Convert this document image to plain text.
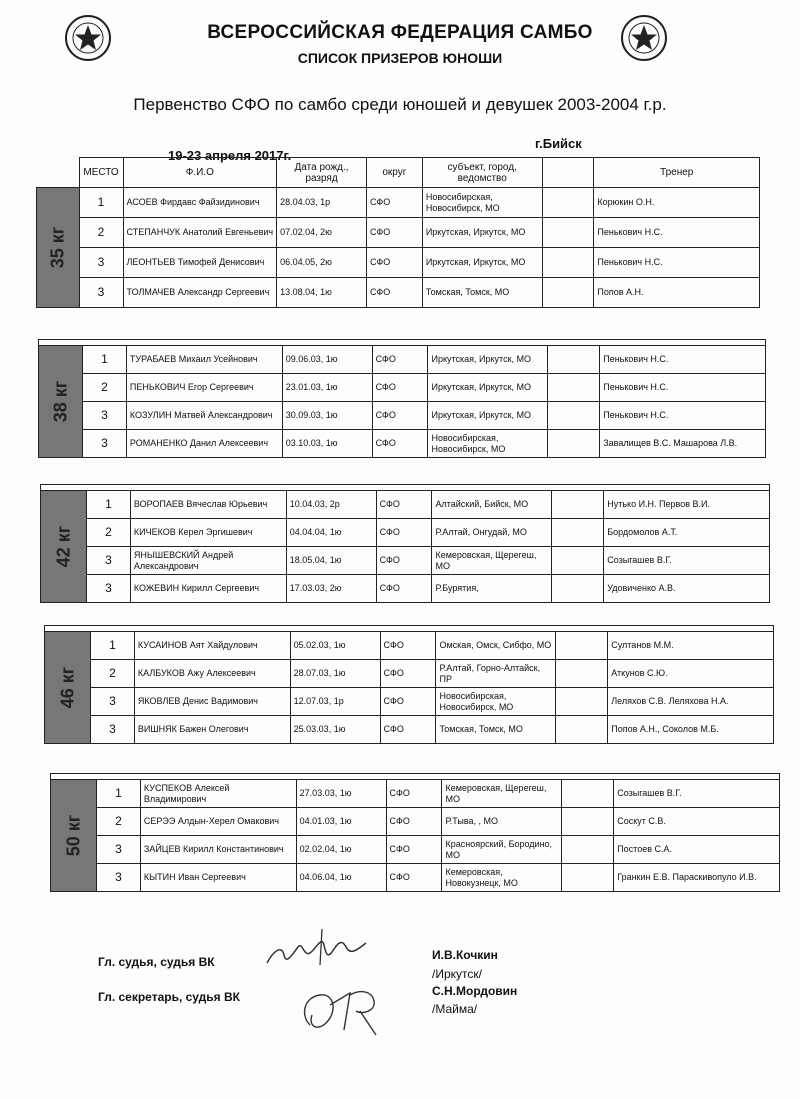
ВСЕРОССИЙСКАЯ ФЕДЕРАЦИЯ САМБО
СПИСОК ПРИЗЕРОВ ЮНОШИ
Первенство СФО по самбо среди юношей и девушек 2003-2004 г.р.
19-23 апреля 2017г.
г.Бийск
	МЕСТО	Ф.И.О	Дата рожд., разряд	округ	субъект, город, ведомство		Тренер
35 кг	1	АСОЕВ Фирдавс Файзидинович	28.04.03, 1р	СФО	Новосибирская, Новосибирск, МО		Корюкин О.Н.
	2	СТЕПАНЧУК Анатолий Евгеньевич	07.02.04, 2ю	СФО	Иркутская, Иркутск, МО		Пенькович Н.С.
	3	ЛЕОНТЬЕВ Тимофей Денисович	06.04.05, 2ю	СФО	Иркутская, Иркутск, МО		Пенькович Н.С.
	3	ТОЛМАЧЕВ Александр Сергеевич	13.08.04, 1ю	СФО	Томская, Томск, МО		Попов А.Н.

38 кг	1	ТУРАБАЕВ Михаил Усейнович	09.06.03, 1ю	СФО	Иркутская, Иркутск, МО		Пенькович Н.С.
	2	ПЕНЬКОВИЧ Егор Сергеевич	23.01.03, 1ю	СФО	Иркутская, Иркутск, МО		Пенькович Н.С.
	3	КОЗУЛИН Матвей Александрович	30.09.03, 1ю	СФО	Иркутская, Иркутск, МО		Пенькович Н.С.
	3	РОМАНЕНКО Данил Алексеевич	03.10.03, 1ю	СФО	Новосибирская, Новосибирск, МО		Завалищев В.С. Машарова Л.В.

42 кг	1	ВОРОПАЕВ Вячеслав Юрьевич	10.04.03, 2р	СФО	Алтайский, Бийск, МО		Нутько И.Н. Первов В.И.
	2	КИЧЕКОВ Керел Эргишевич	04.04.04, 1ю	СФО	Р.Алтай, Онгудай, МО		Бордомолов А.Т.
	3	ЯНЫШЕВСКИЙ Андрей Александрович	18.05.04, 1ю	СФО	Кемеровская, Щерегеш, МО		Созыгашев В.Г.
	3	КОЖЕВИН Кирилл Сергеевич	17.03.03, 2ю	СФО	Р.Бурятия,		Удовиченко А.В.

46 кг	1	КУСАИНОВ Аят Хайдулович	05.02.03, 1ю	СФО	Омская, Омск, Сибфо, МО		Султанов М.М.
	2	КАЛБУКОВ Ажу Алексеевич	28.07.03, 1ю	СФО	Р.Алтай, Горно-Алтайск, ПР		Аткунов С.Ю.
	3	ЯКОВЛЕВ Денис Вадимович	12.07.03, 1р	СФО	Новосибирская, Новосибирск, МО		Леляхов С.В. Леляхова Н.А.
	3	ВИШНЯК Бажен Олегович	25.03.03, 1ю	СФО	Томская, Томск, МО		Попов А.Н., Соколов М.Б.

50 кг	1	КУСПЕКОВ Алексей Владимирович	27.03.03, 1ю	СФО	Кемеровская, Щерегеш, МО		Созыгашев В.Г.
	2	СЕРЭЭ Алдын-Херел Омакович	04.01.03, 1ю	СФО	Р.Тыва, , МО		Соскут С.В.
	3	ЗАЙЦЕВ Кирилл Константинович	02.02.04, 1ю	СФО	Красноярский, Бородино, МО		Постоев С.А.
	3	КЫТИН Иван Сергеевич	04.06.04, 1ю	СФО	Кемеровская, Новокузнецк, МО		Гранкин Е.В. Параскивопуло И.В.
Гл. судья, судья ВК
Гл. секретарь, судья ВК
И.В.Кочкин
/Иркутск/
С.Н.Мордовин
/Майма/
